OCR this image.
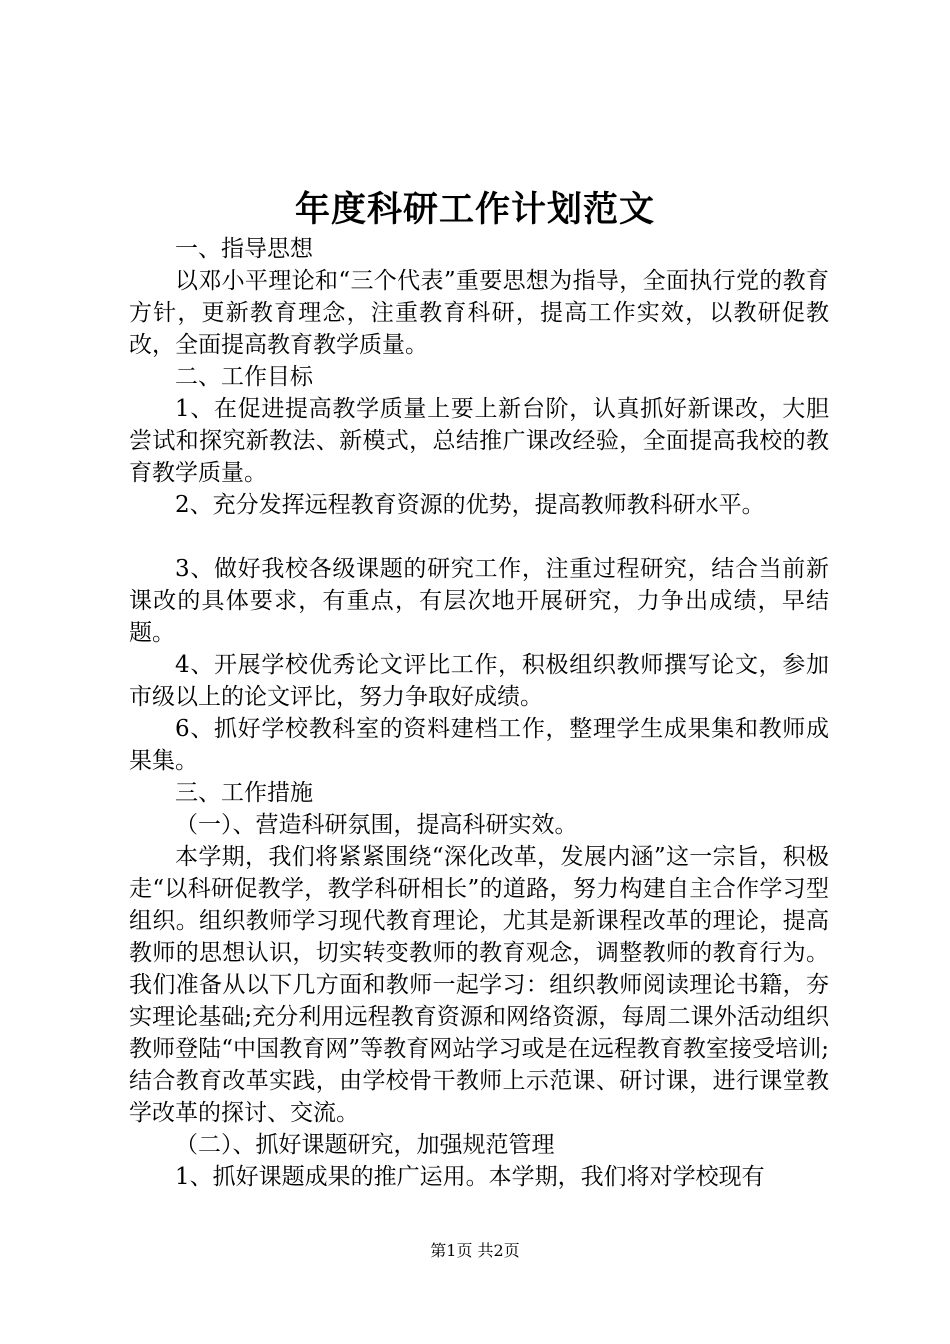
年度科研工作计划范文

一、指导思想

以邓小平理论和“三个代表”重要思想为指导，全面执行党的教育方针，更新教育理念，注重教育科研，提高工作实效，以教研促教改，全面提高教育教学质量。

二、工作目标

1、在促进提高教学质量上要上新台阶，认真抓好新课改，大胆尝试和探究新教法、新模式，总结推广课改经验，全面提高我校的教育教学质量。

2、充分发挥远程教育资源的优势，提高教师教科研水平。

3、做好我校各级课题的研究工作，注重过程研究，结合当前新课改的具体要求，有重点，有层次地开展研究，力争出成绩，早结题。

4、开展学校优秀论文评比工作，积极组织教师撰写论文，参加市级以上的论文评比，努力争取好成绩。

6、抓好学校教科室的资料建档工作，整理学生成果集和教师成果集。

三、工作措施

（一）、营造科研氛围，提高科研实效。

本学期，我们将紧紧围绕“深化改革，发展内涵”这一宗旨，积极走“以科研促教学，教学科研相长”的道路，努力构建自主合作学习型组织。组织教师学习现代教育理论，尤其是新课程改革的理论，提高教师的思想认识，切实转变教师的教育观念，调整教师的教育行为。我们准备从以下几方面和教师一起学习：组织教师阅读理论书籍，夯实理论基础;充分利用远程教育资源和网络资源，每周二课外活动组织教师登陆“中国教育网”等教育网站学习或是在远程教育教室接受培训;结合教育改革实践，由学校骨干教师上示范课、研讨课，进行课堂教学改革的探讨、交流。

（二）、抓好课题研究，加强规范管理

1、抓好课题成果的推广运用。本学期，我们将对学校现有

第1页 共2页
